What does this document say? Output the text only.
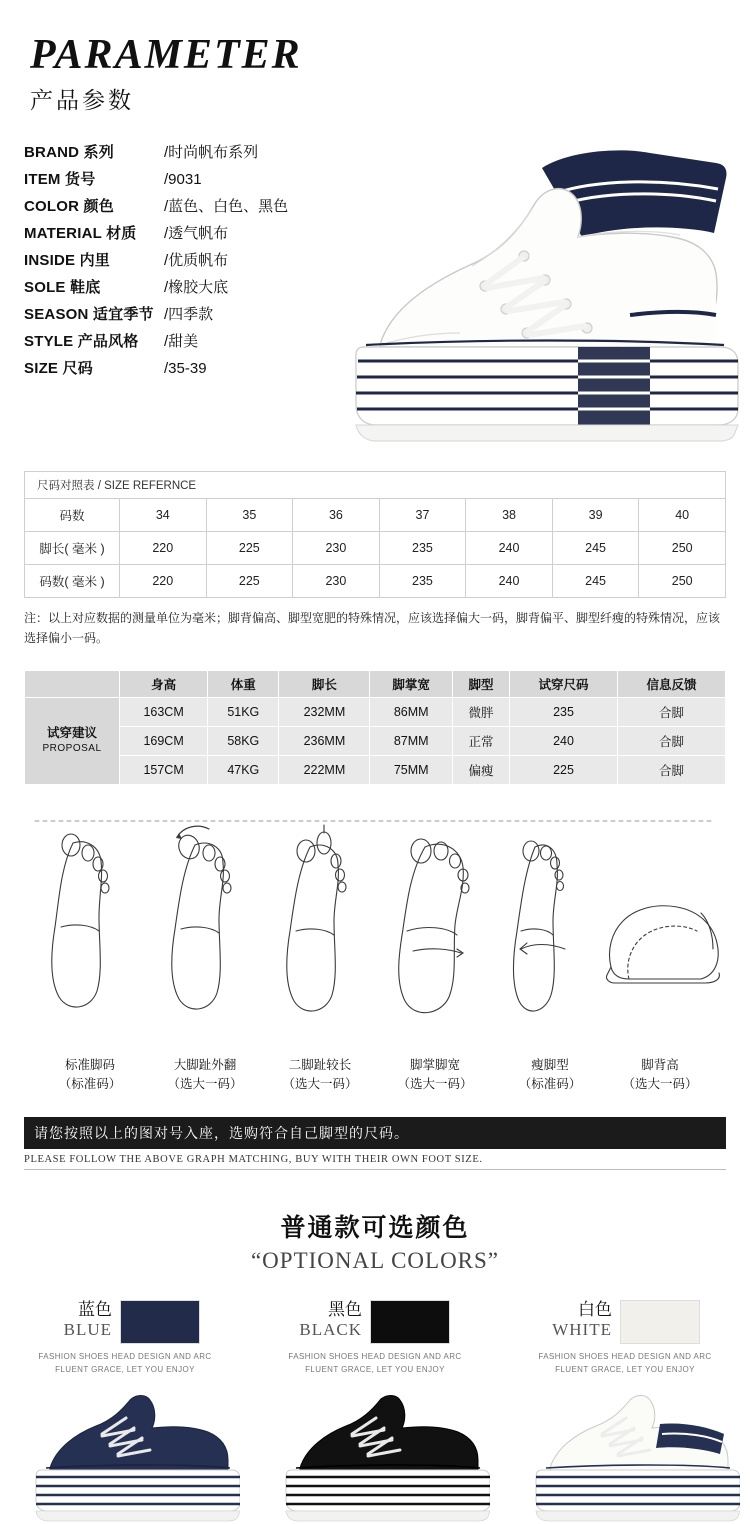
PARAMETER
产品参数
BRAND 系列	/时尚帆布系列
ITEM 货号	/9031
COLOR 颜色	/蓝色、白色、黑色
MATERIAL 材质	/透气帆布
INSIDE 内里	/优质帆布
SOLE 鞋底	/橡胶大底
SEASON 适宜季节 /四季款
STYLE 产品风格	/甜美
SIZE 尺码	/35-39
尺码对照表 / SIZE REFERNCE							
码数	34	35	36	37	38	39	40
脚长( 毫米 )	220	225	230	235	240	245	250
码数( 毫米 )	220	225	230	235	240	245	250
注：以上对应数据的测量单位为毫米；脚背偏高、脚型宽肥的特殊情况，应该选择偏大一码，脚背偏平、脚型纤瘦的特殊情况，应该选择偏小一码。
	身高	体重	脚长	脚掌宽	脚型	试穿尺码	信息反馈
试穿建议
PROPOSAL	163CM	51KG	232MM	86MM	微胖	235	合脚
	169CM	58KG	236MM	87MM	正常	240	合脚
	157CM	47KG	222MM	75MM	偏瘦	225	合脚
标准脚码
（标准码）
大脚趾外翻
（选大一码）
二脚趾较长
（选大一码）
脚掌脚宽
（选大一码）
瘦脚型
（标准码）
脚背高
（选大一码）
请您按照以上的图对号入座，选购符合自己脚型的尺码。
PLEASE FOLLOW THE ABOVE GRAPH MATCHING, BUY WITH THEIR OWN FOOT SIZE.
普通款可选颜色
“OPTIONAL COLORS”
蓝色
BLUE
FASHION SHOES HEAD DESIGN AND ARC
FLUENT GRACE, LET YOU ENJOY
黑色
BLACK
FASHION SHOES HEAD DESIGN AND ARC
FLUENT GRACE, LET YOU ENJOY
白色
WHITE
FASHION SHOES HEAD DESIGN AND ARC
FLUENT GRACE, LET YOU ENJOY
